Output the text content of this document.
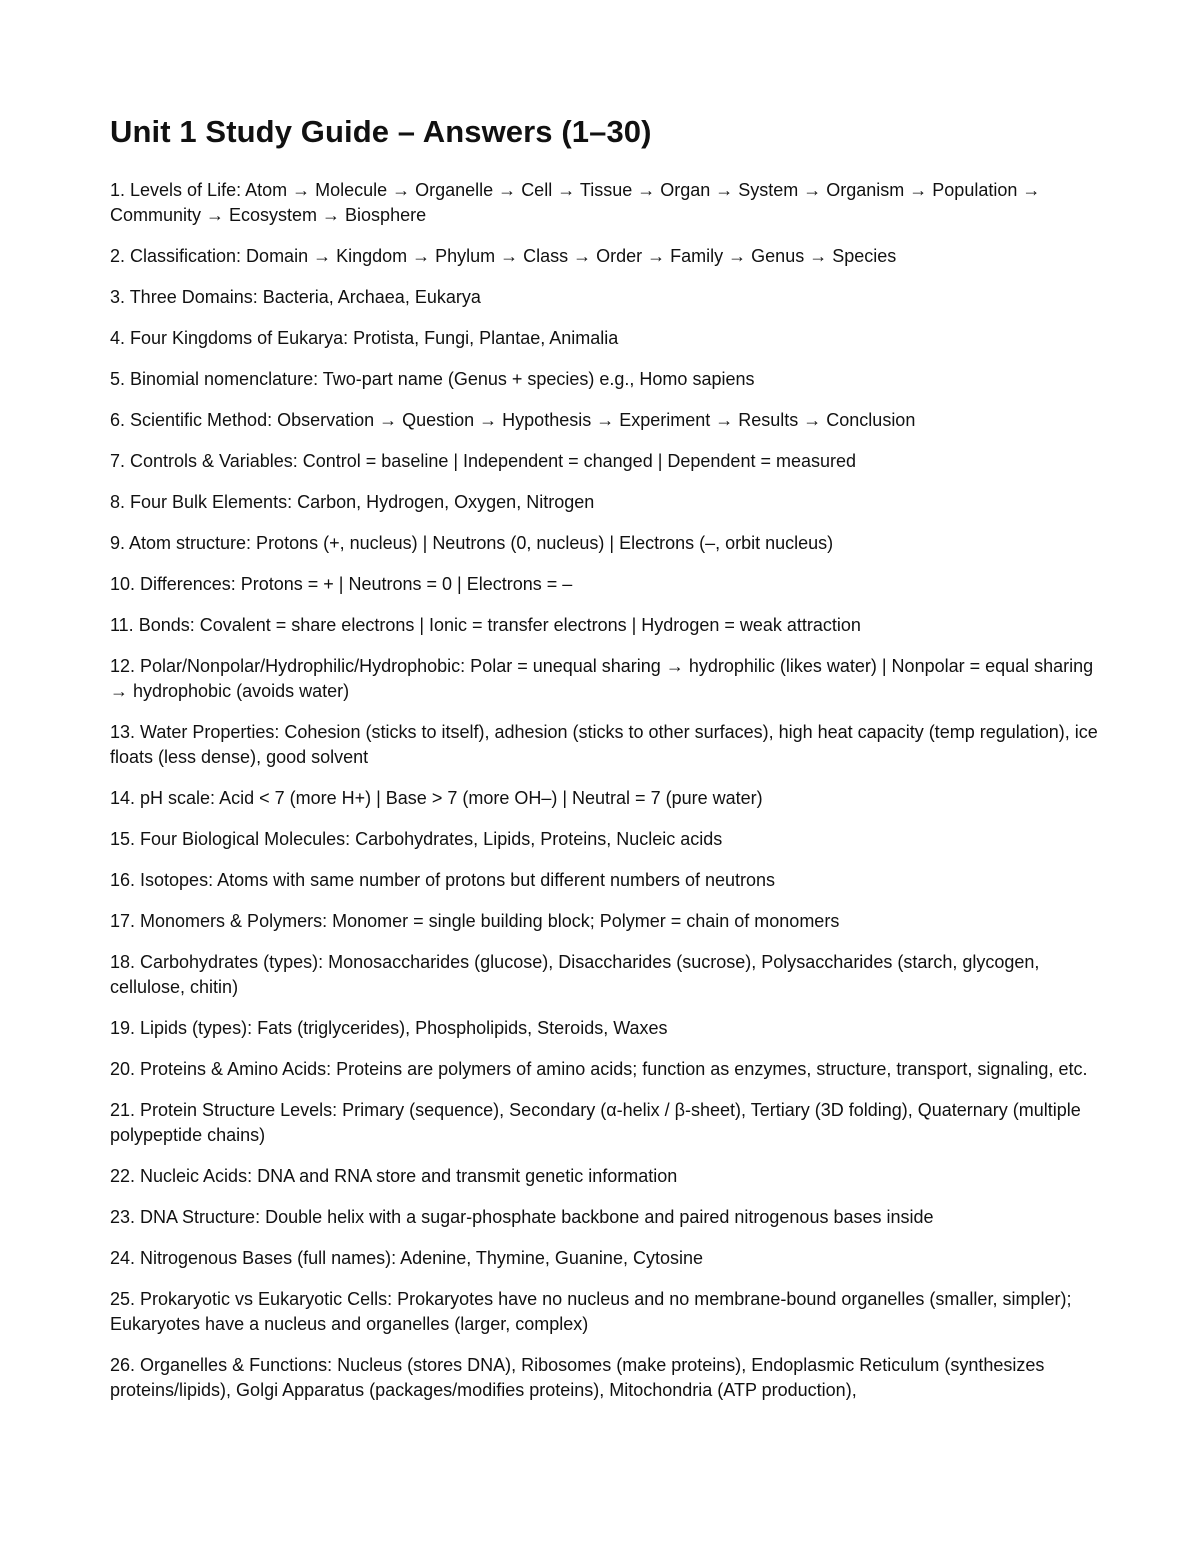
Unit 1 Study Guide – Answers (1–30)

1. Levels of Life: Atom → Molecule → Organelle → Cell → Tissue → Organ → System → Organism → Population → Community → Ecosystem → Biosphere

2. Classification: Domain → Kingdom → Phylum → Class → Order → Family → Genus → Species

3. Three Domains: Bacteria, Archaea, Eukarya

4. Four Kingdoms of Eukarya: Protista, Fungi, Plantae, Animalia

5. Binomial nomenclature: Two-part name (Genus + species) e.g., Homo sapiens

6. Scientific Method: Observation → Question → Hypothesis → Experiment → Results → Conclusion

7. Controls & Variables: Control = baseline | Independent = changed | Dependent = measured

8. Four Bulk Elements: Carbon, Hydrogen, Oxygen, Nitrogen

9. Atom structure: Protons (+, nucleus) | Neutrons (0, nucleus) | Electrons (–, orbit nucleus)

10. Differences: Protons = + | Neutrons = 0 | Electrons = –

11. Bonds: Covalent = share electrons | Ionic = transfer electrons | Hydrogen = weak attraction

12. Polar/Nonpolar/Hydrophilic/Hydrophobic: Polar = unequal sharing → hydrophilic (likes water) | Nonpolar = equal sharing → hydrophobic (avoids water)

13. Water Properties: Cohesion (sticks to itself), adhesion (sticks to other surfaces), high heat capacity (temp regulation), ice floats (less dense), good solvent

14. pH scale: Acid < 7 (more H+) | Base > 7 (more OH–) | Neutral = 7 (pure water)

15. Four Biological Molecules: Carbohydrates, Lipids, Proteins, Nucleic acids

16. Isotopes: Atoms with same number of protons but different numbers of neutrons

17. Monomers & Polymers: Monomer = single building block; Polymer = chain of monomers

18. Carbohydrates (types): Monosaccharides (glucose), Disaccharides (sucrose), Polysaccharides (starch, glycogen, cellulose, chitin)

19. Lipids (types): Fats (triglycerides), Phospholipids, Steroids, Waxes

20. Proteins & Amino Acids: Proteins are polymers of amino acids; function as enzymes, structure, transport, signaling, etc.

21. Protein Structure Levels: Primary (sequence), Secondary (α-helix / β-sheet), Tertiary (3D folding), Quaternary (multiple polypeptide chains)

22. Nucleic Acids: DNA and RNA store and transmit genetic information

23. DNA Structure: Double helix with a sugar-phosphate backbone and paired nitrogenous bases inside

24. Nitrogenous Bases (full names): Adenine, Thymine, Guanine, Cytosine

25. Prokaryotic vs Eukaryotic Cells: Prokaryotes have no nucleus and no membrane-bound organelles (smaller, simpler); Eukaryotes have a nucleus and organelles (larger, complex)

26. Organelles & Functions: Nucleus (stores DNA), Ribosomes (make proteins), Endoplasmic Reticulum (synthesizes proteins/lipids), Golgi Apparatus (packages/modifies proteins), Mitochondria (ATP production),
